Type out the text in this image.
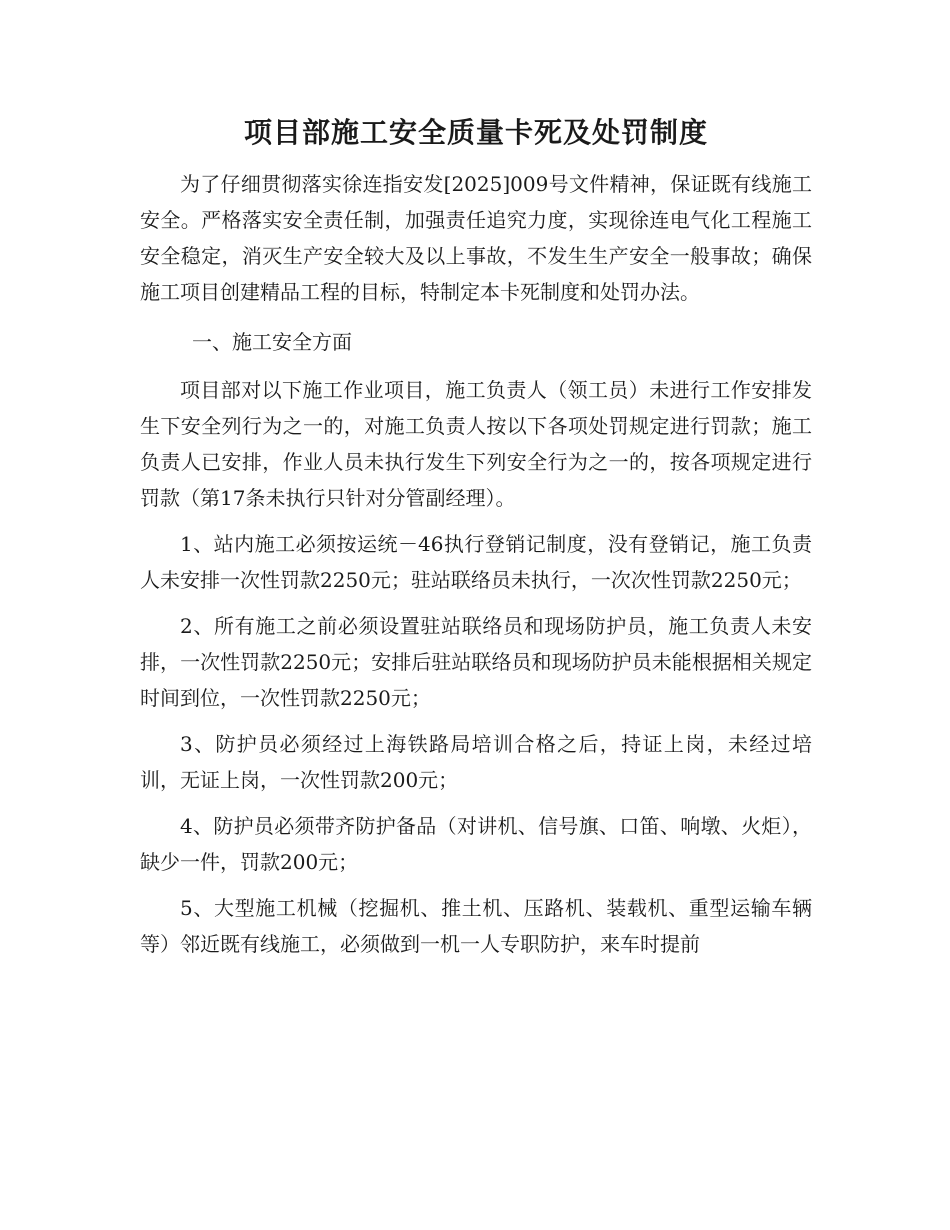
项目部施工安全质量卡死及处罚制度

为了仔细贯彻落实徐连指安发[2025]009号文件精神，保证既有线施工安全。严格落实安全责任制，加强责任追究力度，实现徐连电气化工程施工安全稳定，消灭生产安全较大及以上事故，不发生生产安全一般事故；确保施工项目创建精品工程的目标，特制定本卡死制度和处罚办法。

一、施工安全方面

项目部对以下施工作业项目，施工负责人（领工员）未进行工作安排发生下安全列行为之一的，对施工负责人按以下各项处罚规定进行罚款；施工负责人已安排，作业人员未执行发生下列安全行为之一的，按各项规定进行罚款（第17条未执行只针对分管副经理）。

1、站内施工必须按运统－46执行登销记制度，没有登销记，施工负责人未安排一次性罚款2250元；驻站联络员未执行，一次次性罚款2250元；

2、所有施工之前必须设置驻站联络员和现场防护员，施工负责人未安排，一次性罚款2250元；安排后驻站联络员和现场防护员未能根据相关规定时间到位，一次性罚款2250元；

3、防护员必须经过上海铁路局培训合格之后，持证上岗，未经过培训，无证上岗，一次性罚款200元；

4、防护员必须带齐防护备品（对讲机、信号旗、口笛、响墩、火炬），缺少一件，罚款200元；

5、大型施工机械（挖掘机、推土机、压路机、装载机、重型运输车辆等）邻近既有线施工，必须做到一机一人专职防护，来车时提前
